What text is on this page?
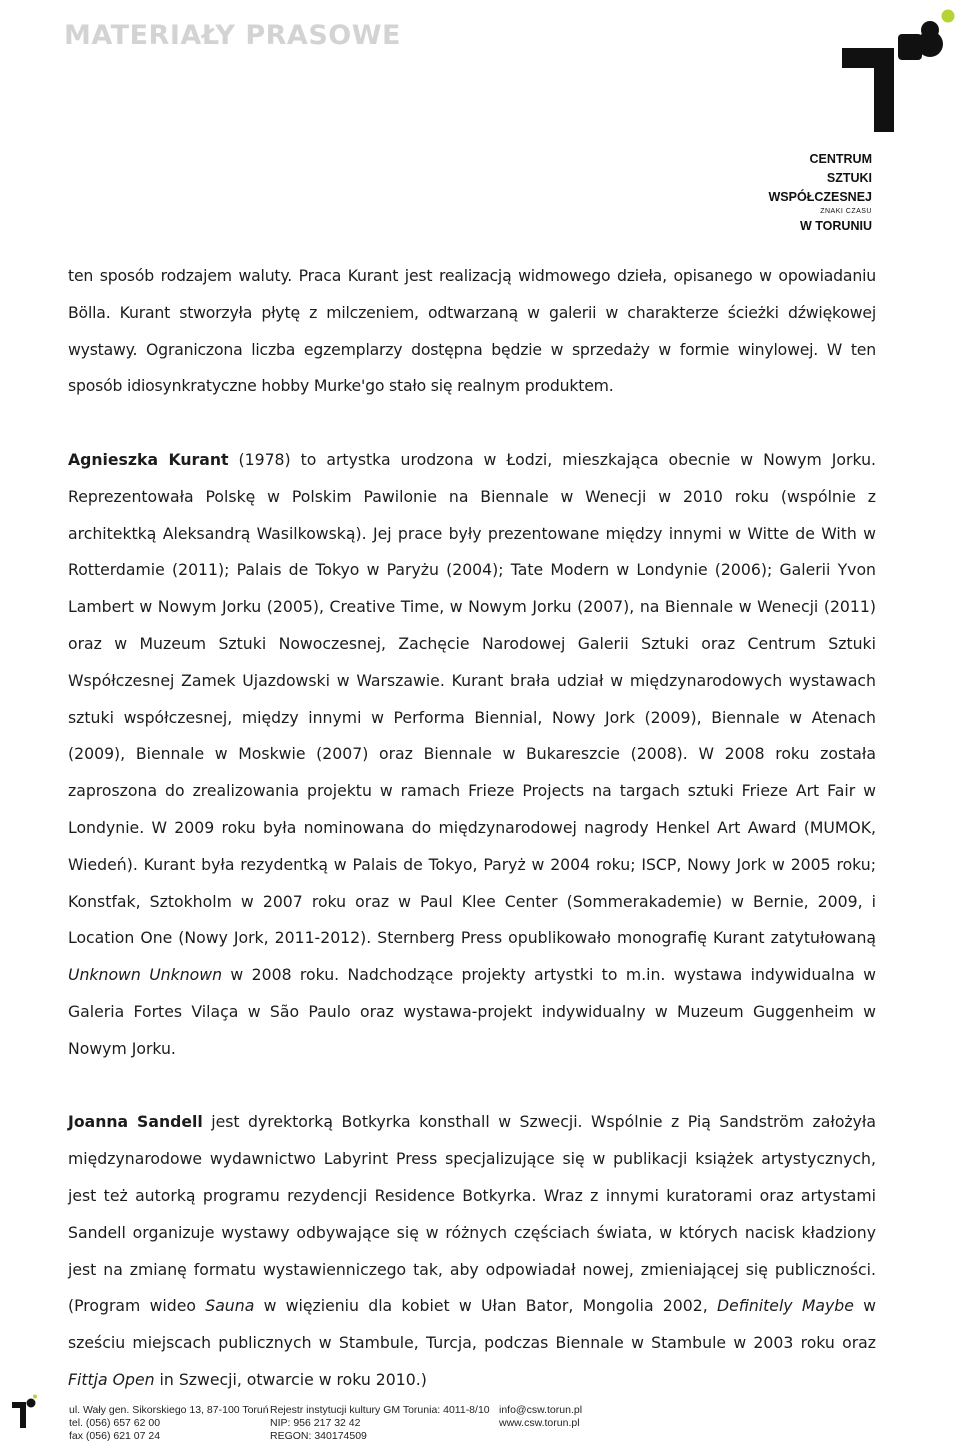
MATERIAŁY PRASOWE
CENTRUM
SZTUKI
WSPÓŁCZESNEJ
ZNAKI CZASU
W TORUNIU

ten sposób rodzajem waluty. Praca Kurant jest realizacją widmowego dzieła, opisanego w opowiadaniu Bölla. Kurant stworzyła płytę z milczeniem, odtwarzaną w galerii w charakterze ścieżki dźwiękowej wystawy. Ograniczona liczba egzemplarzy dostępna będzie w sprzedaży w formie winylowej. W ten sposób idiosynkratyczne hobby Murke'go stało się realnym produktem.

Agnieszka Kurant (1978) to artystka urodzona w Łodzi, mieszkająca obecnie w Nowym Jorku. Reprezentowała Polskę w Polskim Pawilonie na Biennale w Wenecji w 2010 roku (wspólnie z architektką Aleksandrą Wasilkowską). Jej prace były prezentowane między innymi w Witte de With w Rotterdamie (2011); Palais de Tokyo w Paryżu (2004); Tate Modern w Londynie (2006); Galerii Yvon Lambert w Nowym Jorku (2005), Creative Time, w Nowym Jorku (2007), na Biennale w Wenecji (2011) oraz w Muzeum Sztuki Nowoczesnej, Zachęcie Narodowej Galerii Sztuki oraz Centrum Sztuki Współczesnej Zamek Ujazdowski w Warszawie. Kurant brała udział w międzynarodowych wystawach sztuki współczesnej, między innymi w Performa Biennial, Nowy Jork (2009), Biennale w Atenach (2009), Biennale w Moskwie (2007) oraz Biennale w Bukareszcie (2008). W 2008 roku została zaproszona do zrealizowania projektu w ramach Frieze Projects na targach sztuki Frieze Art Fair w Londynie. W 2009 roku była nominowana do międzynarodowej nagrody Henkel Art Award (MUMOK, Wiedeń). Kurant była rezydentką w Palais de Tokyo, Paryż w 2004 roku; ISCP, Nowy Jork w 2005 roku; Konstfak, Sztokholm w 2007 roku oraz w Paul Klee Center (Sommerakademie) w Bernie, 2009, i Location One (Nowy Jork, 2011-2012). Sternberg Press opublikowało monografię Kurant zatytułowaną Unknown Unknown w 2008 roku. Nadchodzące projekty artystki to m.in. wystawa indywidualna w Galeria Fortes Vilaça w São Paulo oraz wystawa-projekt indywidualny w Muzeum Guggenheim w Nowym Jorku.

Joanna Sandell jest dyrektorką Botkyrka konsthall w Szwecji. Wspólnie z Pią Sandström założyła międzynarodowe wydawnictwo Labyrint Press specjalizujące się w publikacji książek artystycznych, jest też autorką programu rezydencji Residence Botkyrka. Wraz z innymi kuratorami oraz artystami Sandell organizuje wystawy odbywające się w różnych częściach świata, w których nacisk kładziony jest na zmianę formatu wystawienniczego tak, aby odpowiadał nowej, zmieniającej się publiczności. (Program wideo Sauna w więzieniu dla kobiet w Ułan Bator, Mongolia 2002, Definitely Maybe w sześciu miejscach publicznych w Stambule, Turcja, podczas Biennale w Stambule w 2003 roku oraz Fittja Open in Szwecji, otwarcie w roku 2010.)

ul. Wały gen. Sikorskiego 13, 87-100 Toruń
tel. (056) 657 62 00
fax (056) 621 07 24
Rejestr instytucji kultury GM Torunia: 4011-8/10
NIP: 956 217 32 42
REGON: 340174509
info@csw.torun.pl
www.csw.torun.pl
